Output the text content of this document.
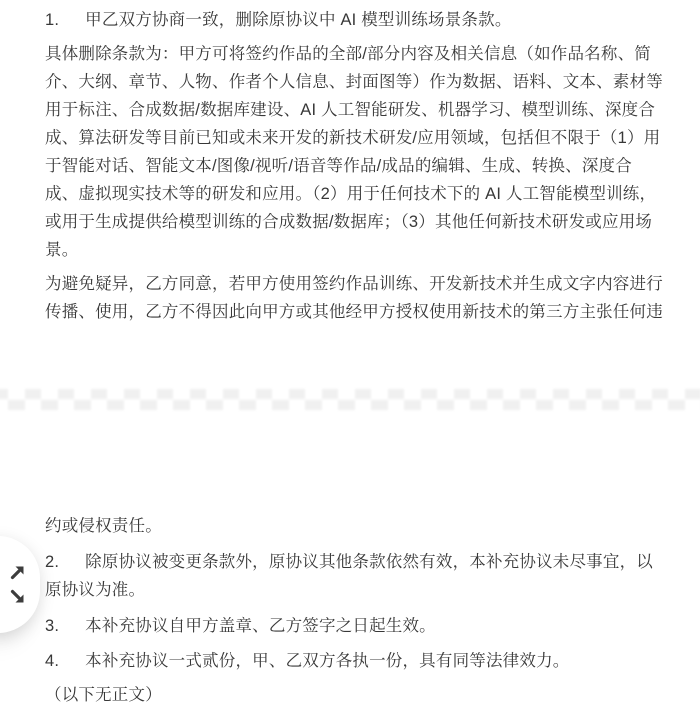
1. 甲乙双方协商一致，删除原协议中 AI 模型训练场景条款。

具体删除条款为：甲方可将签约作品的全部/部分内容及相关信息（如作品名称、简介、大纲、章节、人物、作者个人信息、封面图等）作为数据、语料、文本、素材等用于标注、合成数据/数据库建设、AI 人工智能研发、机器学习、模型训练、深度合成、算法研发等目前已知或未来开发的新技术研发/应用领域，包括但不限于（1）用于智能对话、智能文本/图像/视听/语音等作品/成品的编辑、生成、转换、深度合成、虚拟现实技术等的研发和应用。（2）用于任何技术下的 AI 人工智能模型训练，或用于生成提供给模型训练的合成数据/数据库；（3）其他任何新技术研发或应用场景。

为避免疑异，乙方同意，若甲方使用签约作品训练、开发新技术并生成文字内容进行传播、使用，乙方不得因此向甲方或其他经甲方授权使用新技术的第三方主张任何违

约或侵权责任。

2. 除原协议被变更条款外，原协议其他条款依然有效，本补充协议未尽事宜，以原协议为准。

3. 本补充协议自甲方盖章、乙方签字之日起生效。

4. 本补充协议一式贰份，甲、乙双方各执一份，具有同等法律效力。

（以下无正文）
